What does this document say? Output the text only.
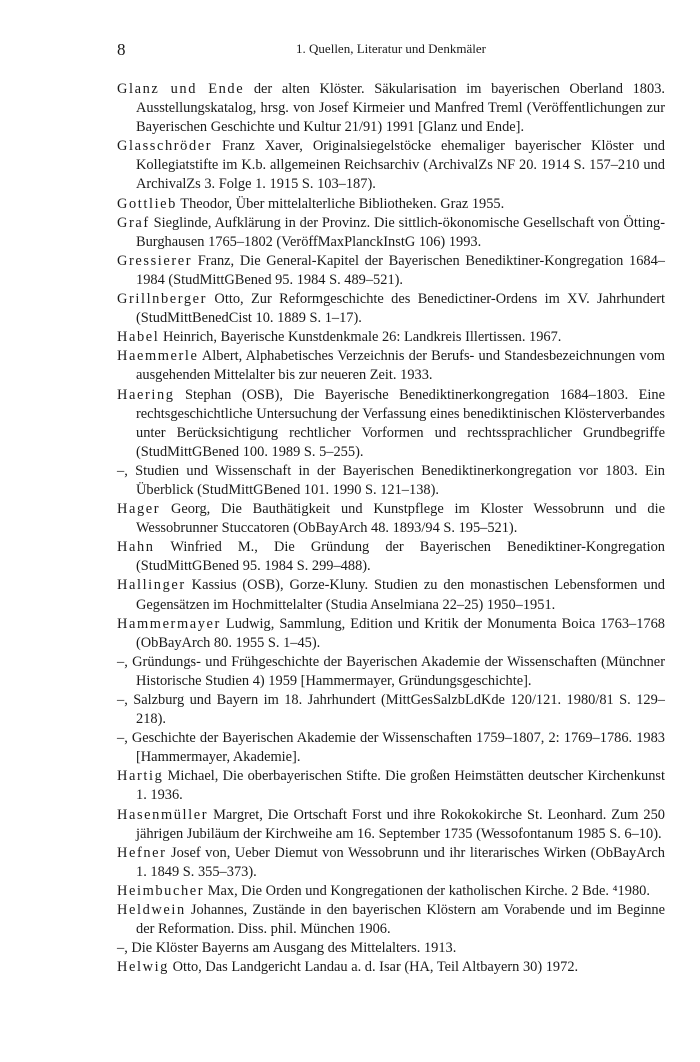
8	1. Quellen, Literatur und Denkmäler

Glanz und Ende der alten Klöster. Säkularisation im bayerischen Oberland 1803. Ausstellungskatalog, hrsg. von Josef Kirmeier und Manfred Treml (Veröffentlichungen zur Bayerischen Geschichte und Kultur 21/91) 1991 [Glanz und Ende].

Glasschröder Franz Xaver, Originalsiegelstöcke ehemaliger bayerischer Klöster und Kollegiatstifte im K.b. allgemeinen Reichsarchiv (ArchivalZs NF 20. 1914 S. 157–210 und ArchivalZs 3. Folge 1. 1915 S. 103–187).

Gottlieb Theodor, Über mittelalterliche Bibliotheken. Graz 1955.

Graf Sieglinde, Aufklärung in der Provinz. Die sittlich-ökonomische Gesellschaft von Ötting-Burghausen 1765–1802 (VeröffMaxPlanckInstG 106) 1993.

Gressierer Franz, Die General-Kapitel der Bayerischen Benediktiner-Kongregation 1684–1984 (StudMittGBened 95. 1984 S. 489–521).

Grillnberger Otto, Zur Reformgeschichte des Benedictiner-Ordens im XV. Jahrhundert (StudMittBenedCist 10. 1889 S. 1–17).

Habel Heinrich, Bayerische Kunstdenkmale 26: Landkreis Illertissen. 1967.

Haemmerle Albert, Alphabetisches Verzeichnis der Berufs- und Standesbezeichnungen vom ausgehenden Mittelalter bis zur neueren Zeit. 1933.

Haering Stephan (OSB), Die Bayerische Benediktinerkongregation 1684–1803. Eine rechtsgeschichtliche Untersuchung der Verfassung eines benediktinischen Klösterverbandes unter Berücksichtigung rechtlicher Vorformen und rechtssprachlicher Grundbegriffe (StudMittGBened 100. 1989 S. 5–255).

–, Studien und Wissenschaft in der Bayerischen Benediktinerkongregation vor 1803. Ein Überblick (StudMittGBened 101. 1990 S. 121–138).

Hager Georg, Die Bauthätigkeit und Kunstpflege im Kloster Wessobrunn und die Wessobrunner Stuccatoren (ObBayArch 48. 1893/94 S. 195–521).

Hahn Winfried M., Die Gründung der Bayerischen Benediktiner-Kongregation (StudMittGBened 95. 1984 S. 299–488).

Hallinger Kassius (OSB), Gorze-Kluny. Studien zu den monastischen Lebensformen und Gegensätzen im Hochmittelalter (Studia Anselmiana 22–25) 1950–1951.

Hammermayer Ludwig, Sammlung, Edition und Kritik der Monumenta Boica 1763–1768 (ObBayArch 80. 1955 S. 1–45).

–, Gründungs- und Frühgeschichte der Bayerischen Akademie der Wissenschaften (Münchner Historische Studien 4) 1959 [Hammermayer, Gründungsgeschichte].

–, Salzburg und Bayern im 18. Jahrhundert (MittGesSalzbLdKde 120/121. 1980/81 S. 129–218).

–, Geschichte der Bayerischen Akademie der Wissenschaften 1759–1807, 2: 1769–1786. 1983 [Hammermayer, Akademie].

Hartig Michael, Die oberbayerischen Stifte. Die großen Heimstätten deutscher Kirchenkunst 1. 1936.

Hasenmüller Margret, Die Ortschaft Forst und ihre Rokokokirche St. Leonhard. Zum 250 jährigen Jubiläum der Kirchweihe am 16. September 1735 (Wessofontanum 1985 S. 6–10).

Hefner Josef von, Ueber Diemut von Wessobrunn und ihr literarisches Wirken (ObBayArch 1. 1849 S. 355–373).

Heimbucher Max, Die Orden und Kongregationen der katholischen Kirche. 2 Bde. ⁴1980.

Heldwein Johannes, Zustände in den bayerischen Klöstern am Vorabende und im Beginne der Reformation. Diss. phil. München 1906.

–, Die Klöster Bayerns am Ausgang des Mittelalters. 1913.

Helwig Otto, Das Landgericht Landau a. d. Isar (HA, Teil Altbayern 30) 1972.
